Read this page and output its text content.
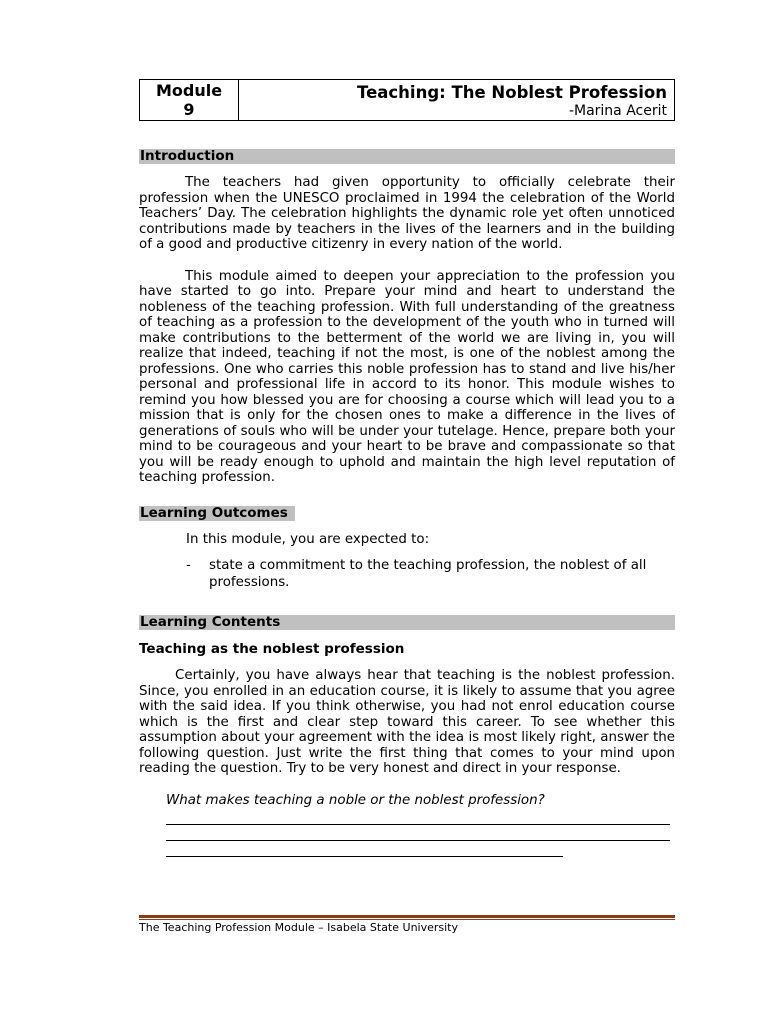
Module
9
Teaching: The Noblest Profession
-Marina Acerit
Introduction

The teachers had given opportunity to officially celebrate their profession when the UNESCO proclaimed in 1994 the celebration of the World Teachers’ Day. The celebration highlights the dynamic role yet often unnoticed contributions made by teachers in the lives of the learners and in the building of a good and productive citizenry in every nation of the world.

This module aimed to deepen your appreciation to the profession you have started to go into. Prepare your mind and heart to understand the nobleness of the teaching profession. With full understanding of the greatness of teaching as a profession to the development of the youth who in turned will make contributions to the betterment of the world we are living in, you will realize that indeed, teaching if not the most, is one of the noblest among the professions. One who carries this noble profession has to stand and live his/her personal and professional life in accord to its honor. This module wishes to remind you how blessed you are for choosing a course which will lead you to a mission that is only for the chosen ones to make a difference in the lives of generations of souls who will be under your tutelage. Hence, prepare both your mind to be courageous and your heart to be brave and compassionate so that you will be ready enough to uphold and maintain the high level reputation of teaching profession.

Learning Outcomes
In this module, you are expected to:
-	state a commitment to the teaching profession, the noblest of all professions.
Learning Contents
Teaching as the noblest profession

Certainly, you have always hear that teaching is the noblest profession. Since, you enrolled in an education course, it is likely to assume that you agree with the said idea. If you think otherwise, you had not enrol education course which is the first and clear step toward this career. To see whether this assumption about your agreement with the idea is most likely right, answer the following question. Just write the first thing that comes to your mind upon reading the question. Try to be very honest and direct in your response.

What makes teaching a noble or the noblest profession?
The Teaching Profession Module – Isabela State University
